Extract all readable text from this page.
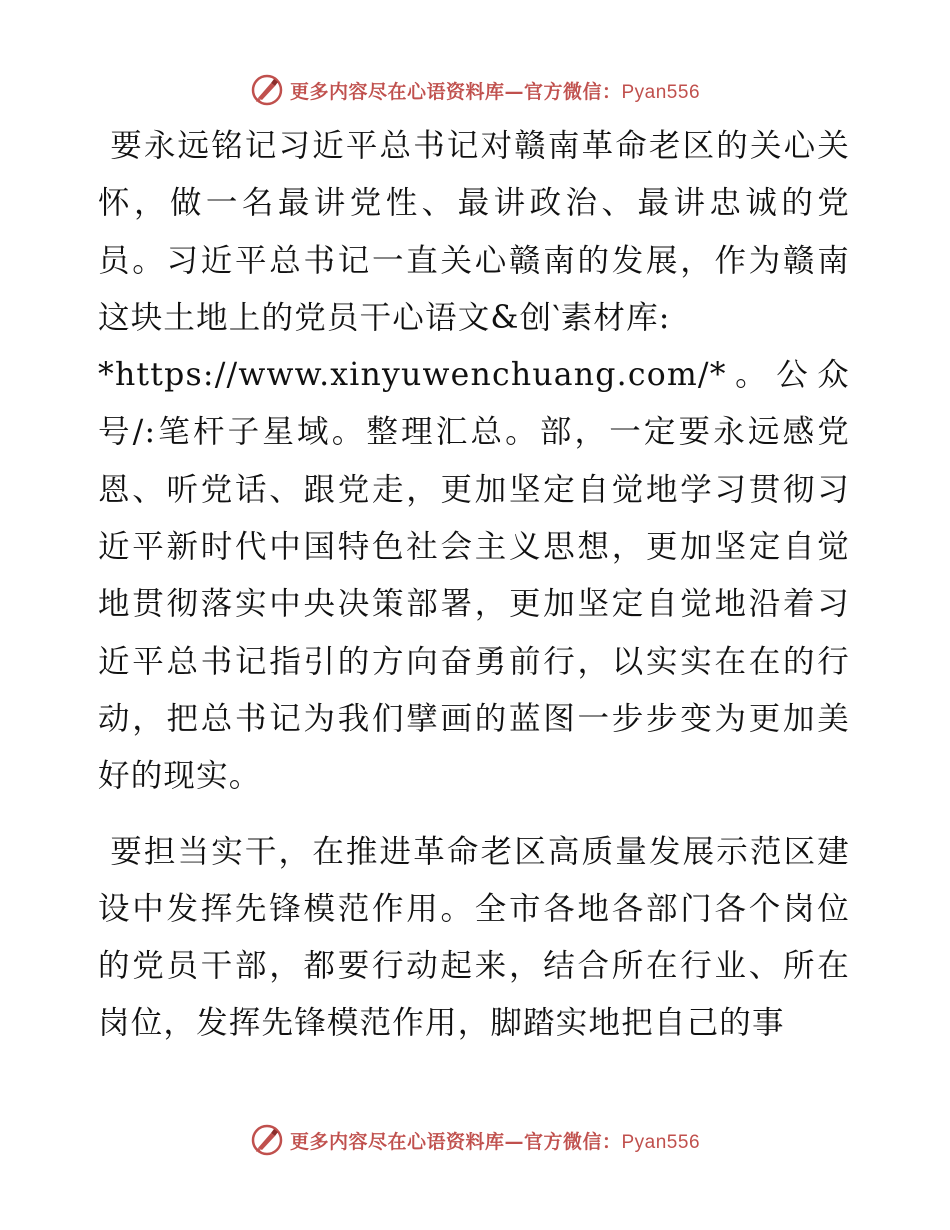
更多内容尽在心语资料库—官方微信：Pyan556

要永远铭记习近平总书记对赣南革命老区的关心关怀，做一名最讲党性、最讲政治、最讲忠诚的党员。习近平总书记一直关心赣南的发展，作为赣南这块土地上的党员干心语文&创‵素材库:
*https://www.xinyuwenchuang.com/*。公众号/:笔杆子星域。整理汇总。部，一定要永远感党恩、听党话、跟党走，更加坚定自觉地学习贯彻习近平新时代中国特色社会主义思想，更加坚定自觉地贯彻落实中央决策部署，更加坚定自觉地沿着习近平总书记指引的方向奋勇前行，以实实在在的行动，把总书记为我们擘画的蓝图一步步变为更加美好的现实。

要担当实干，在推进革命老区高质量发展示范区建设中发挥先锋模范作用。全市各地各部门各个岗位的党员干部，都要行动起来，结合所在行业、所在岗位，发挥先锋模范作用，脚踏实地把自己的事

更多内容尽在心语资料库—官方微信：Pyan556
